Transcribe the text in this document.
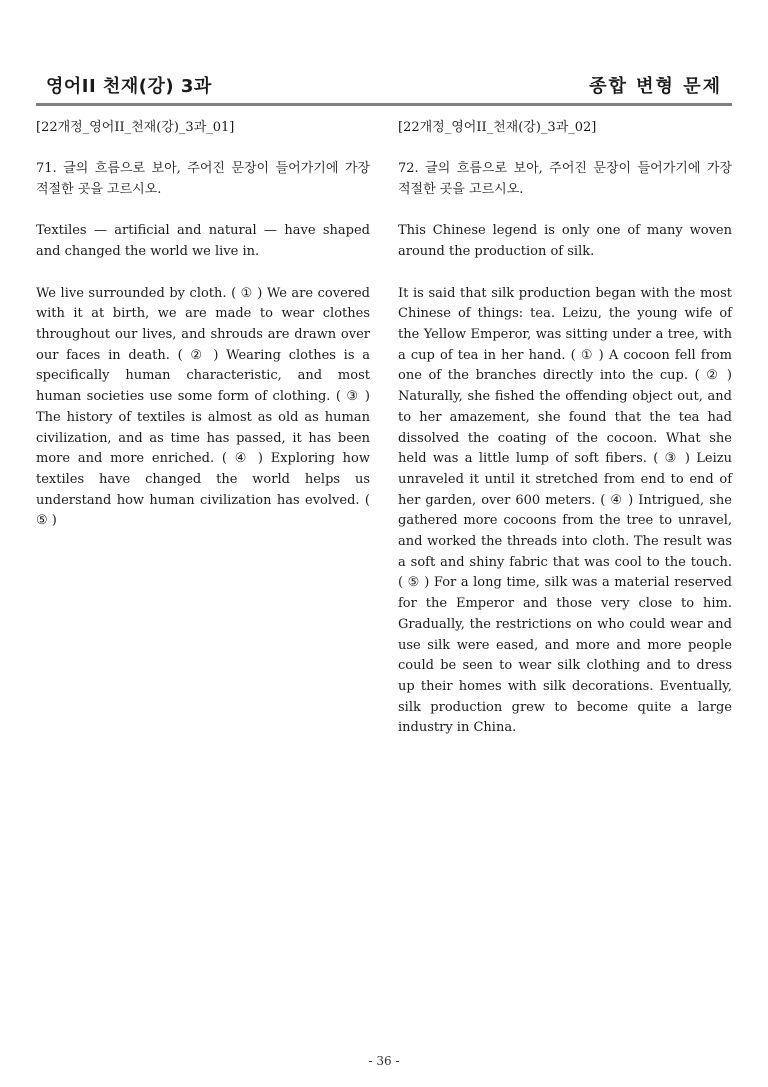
영어II 천재(강) 3과	종합 변형 문제

[22개정_영어II_천재(강)_3과_01]

71. 글의 흐름으로 보아, 주어진 문장이 들어가기에 가장 적절한 곳을 고르시오.

Textiles — artificial and natural — have shaped and changed the world we live in.

We live surrounded by cloth. ( ① ) We are covered with it at birth, we are made to wear clothes throughout our lives, and shrouds are drawn over our faces in death. ( ② ) Wearing clothes is a specifically human characteristic, and most human societies use some form of clothing. ( ③ ) The history of textiles is almost as old as human civilization, and as time has passed, it has been more and more enriched. ( ④ ) Exploring how textiles have changed the world helps us understand how human civilization has evolved. ( ⑤ )

[22개정_영어II_천재(강)_3과_02]

72. 글의 흐름으로 보아, 주어진 문장이 들어가기에 가장 적절한 곳을 고르시오.

This Chinese legend is only one of many woven around the production of silk.

It is said that silk production began with the most Chinese of things: tea. Leizu, the young wife of the Yellow Emperor, was sitting under a tree, with a cup of tea in her hand. ( ① ) A cocoon fell from one of the branches directly into the cup. ( ② ) Naturally, she fished the offending object out, and to her amazement, she found that the tea had dissolved the coating of the cocoon. What she held was a little lump of soft fibers. ( ③ ) Leizu unraveled it until it stretched from end to end of her garden, over 600 meters. ( ④ ) Intrigued, she gathered more cocoons from the tree to unravel, and worked the threads into cloth. The result was a soft and shiny fabric that was cool to the touch. ( ⑤ ) For a long time, silk was a material reserved for the Emperor and those very close to him. Gradually, the restrictions on who could wear and use silk were eased, and more and more people could be seen to wear silk clothing and to dress up their homes with silk decorations. Eventually, silk production grew to become quite a large industry in China.

- 36 -
